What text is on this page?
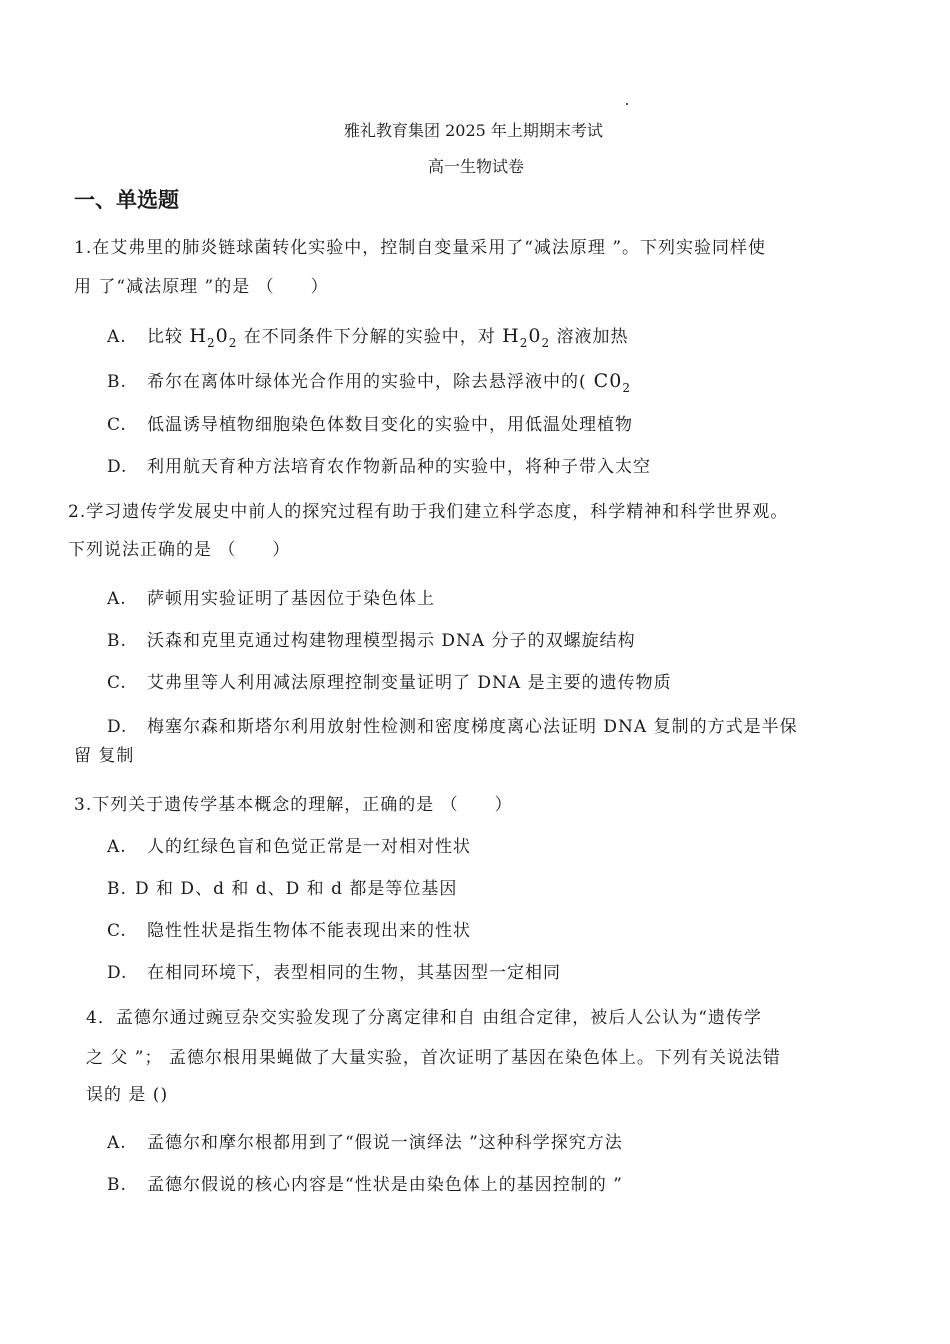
雅礼教育集团 2025 年上期期末考试
高一生物试卷
一、单选题
1.在艾弗里的肺炎链球菌转化实验中，控制自变量采用了“减法原理 ”。下列实验同样使
用 了“减法原理 ”的是 （　　）
A. 比较 $H_20_2$ 在不同条件下分解的实验中，对 $H_20_2$ 溶液加热
B. 希尔在离体叶绿体光合作用的实验中，除去悬浮液中的( $C0_2$
C. 低温诱导植物细胞染色体数目变化的实验中，用低温处理植物
D. 利用航天育种方法培育农作物新品种的实验中，将种子带入太空
2.学习遗传学发展史中前人的探究过程有助于我们建立科学态度，科学精神和科学世界观。
下列说法正确的是 （　　）
A. 萨顿用实验证明了基因位于染色体上
B. 沃森和克里克通过构建物理模型揭示 DNA 分子的双螺旋结构
C. 艾弗里等人利用减法原理控制变量证明了 DNA 是主要的遗传物质
D. 梅塞尔森和斯塔尔利用放射性检测和密度梯度离心法证明 DNA 复制的方式是半保
留 复制
3.下列关于遗传学基本概念的理解，正确的是 （　　）
A. 人的红绿色盲和色觉正常是一对相对性状
B. D 和 D、d 和 d、D 和 d 都是等位基因
C. 隐性性状是指生物体不能表现出来的性状
D. 在相同环境下，表型相同的生物，其基因型一定相同
4．孟德尔通过豌豆杂交实验发现了分离定律和自 由组合定律，被后人公认为“遗传学
之 父 ”； 孟德尔根用果蝇做了大量实验，首次证明了基因在染色体上。下列有关说法错
误的 是 ()
A. 孟德尔和摩尔根都用到了“假说一演绎法 ”这种科学探究方法
B. 孟德尔假说的核心内容是“性状是由染色体上的基因控制的 ”
